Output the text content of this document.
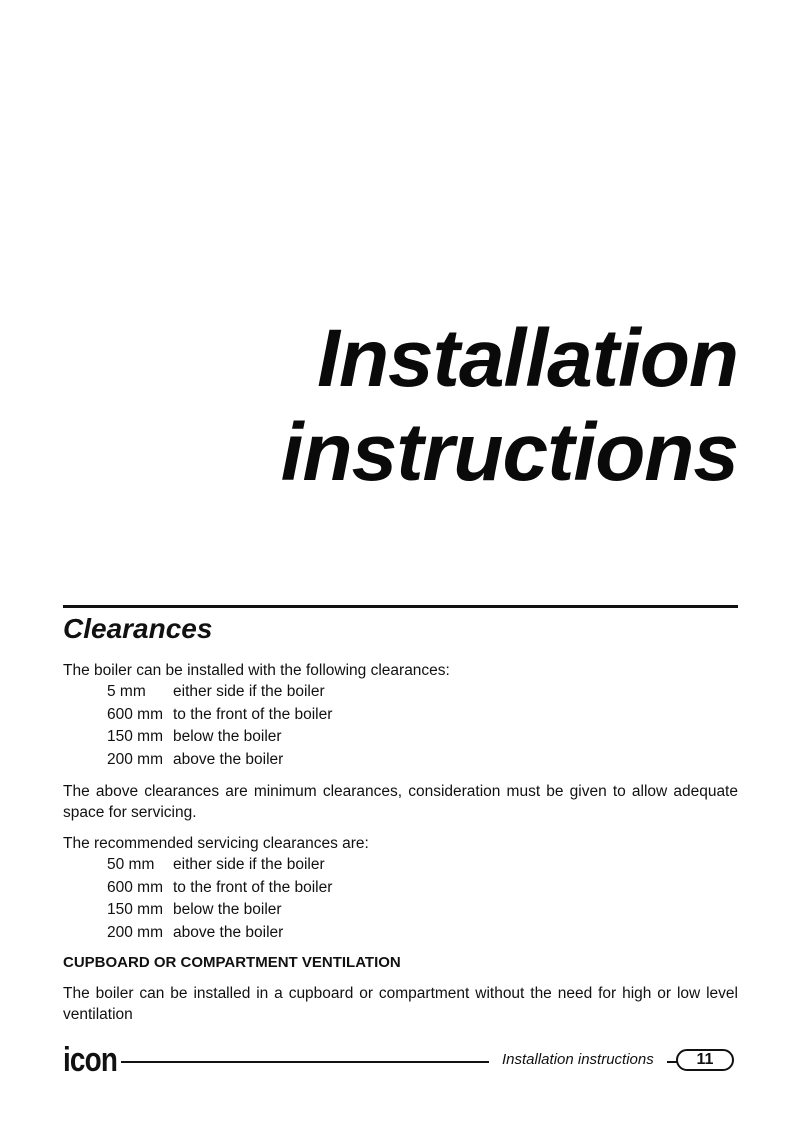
Installation
instructions
Clearances

The boiler can be installed with the following clearances:

5 mm	either side if the boiler
600 mm to the front of the boiler
150 mm below the boiler
200 mm above the boiler

The above clearances are minimum clearances, consideration must be given to allow adequate space for servicing.

The recommended servicing clearances are:

50 mm	either side if the boiler
600 mm to the front of the boiler
150 mm below the boiler
200 mm above the boiler

CUPBOARD OR COMPARTMENT VENTILATION

The boiler can be installed in a cupboard or compartment without the need for high or low level ventilation

icon	Installation instructions	11
